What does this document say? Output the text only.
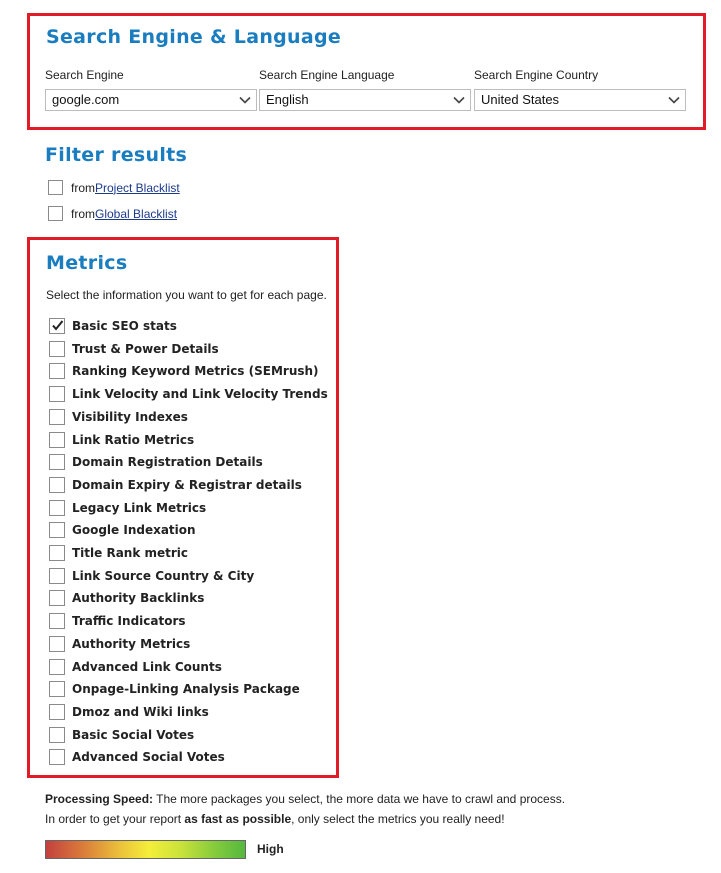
Search Engine & Language
Search Engine
google.com
Search Engine Language
English
Search Engine Country
United States
Filter results
from Project Blacklist
from Global Blacklist
Metrics
Select the information you want to get for each page.
Basic SEO stats
Trust & Power Details
Ranking Keyword Metrics (SEMrush)
Link Velocity and Link Velocity Trends
Visibility Indexes
Link Ratio Metrics
Domain Registration Details
Domain Expiry & Registrar details
Legacy Link Metrics
Google Indexation
Title Rank metric
Link Source Country & City
Authority Backlinks
Traffic Indicators
Authority Metrics
Advanced Link Counts
Onpage-Linking Analysis Package
Dmoz and Wiki links
Basic Social Votes
Advanced Social Votes
Processing Speed: The more packages you select, the more data we have to crawl and process.
In order to get your report as fast as possible, only select the metrics you really need!
High
